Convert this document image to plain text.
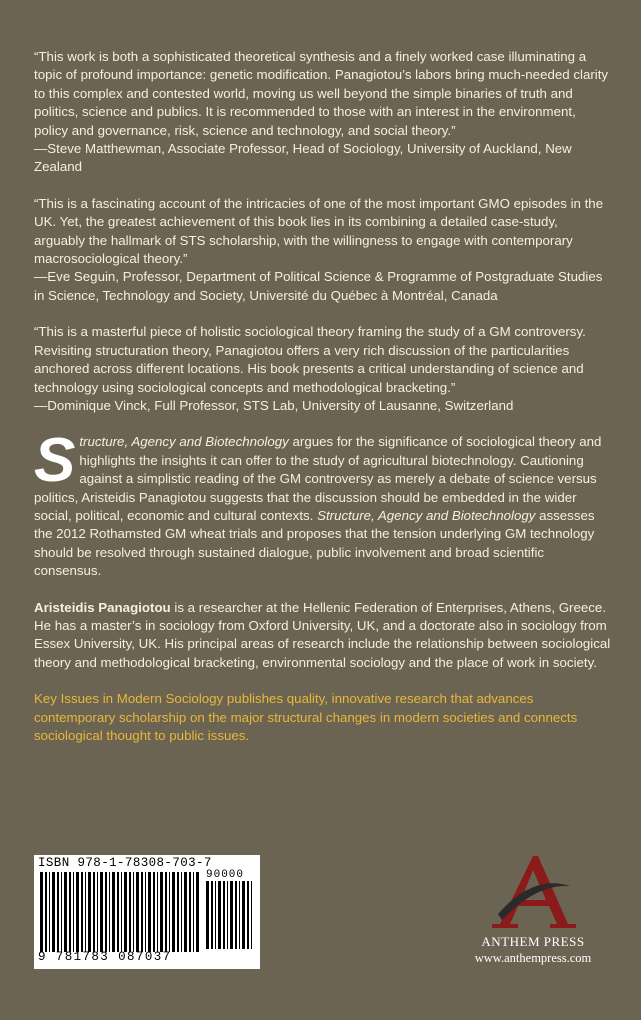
“This work is both a sophisticated theoretical synthesis and a finely worked case illuminating a topic of profound importance: genetic modification. Panagiotou’s labors bring much-needed clarity to this complex and contested world, moving us well beyond the simple binaries of truth and politics, science and publics. It is recommended to those with an interest in the environment, policy and governance, risk, science and technology, and social theory.”
—Steve Matthewman, Associate Professor, Head of Sociology, University of Auckland, New Zealand

“This is a fascinating account of the intricacies of one of the most important GMO episodes in the UK. Yet, the greatest achievement of this book lies in its combining a detailed case-study, arguably the hallmark of STS scholarship, with the willingness to engage with contemporary macrosociological theory.”
—Eve Seguin, Professor, Department of Political Science & Programme of Postgraduate Studies in Science, Technology and Society, Université du Québec à Montréal, Canada

“This is a masterful piece of holistic sociological theory framing the study of a GM controversy. Revisiting structuration theory, Panagiotou offers a very rich discussion of the particularities anchored across different locations. His book presents a critical understanding of science and technology using sociological concepts and methodological bracketing.”
—Dominique Vinck, Full Professor, STS Lab, University of Lausanne, Switzerland

Structure, Agency and Biotechnology argues for the significance of sociological theory and highlights the insights it can offer to the study of agricultural biotechnology. Cautioning against a simplistic reading of the GM controversy as merely a debate of science versus politics, Aristeidis Panagiotou suggests that the discussion should be embedded in the wider social, political, economic and cultural contexts. Structure, Agency and Biotechnology assesses the 2012 Rothamsted GM wheat trials and proposes that the tension underlying GM technology should be resolved through sustained dialogue, public involvement and broad scientific consensus.

Aristeidis Panagiotou is a researcher at the Hellenic Federation of Enterprises, Athens, Greece. He has a master’s in sociology from Oxford University, UK, and a doctorate also in sociology from Essex University, UK. His principal areas of research include the relationship between sociological theory and methodological bracketing, environmental sociology and the place of work in society.

Key Issues in Modern Sociology publishes quality, innovative research that advances contemporary scholarship on the major structural changes in modern societies and connects sociological thought to public issues.

ISBN 978-1-78308-703-7
90000
9 781783 087037
ANTHEM PRESS
www.anthempress.com
